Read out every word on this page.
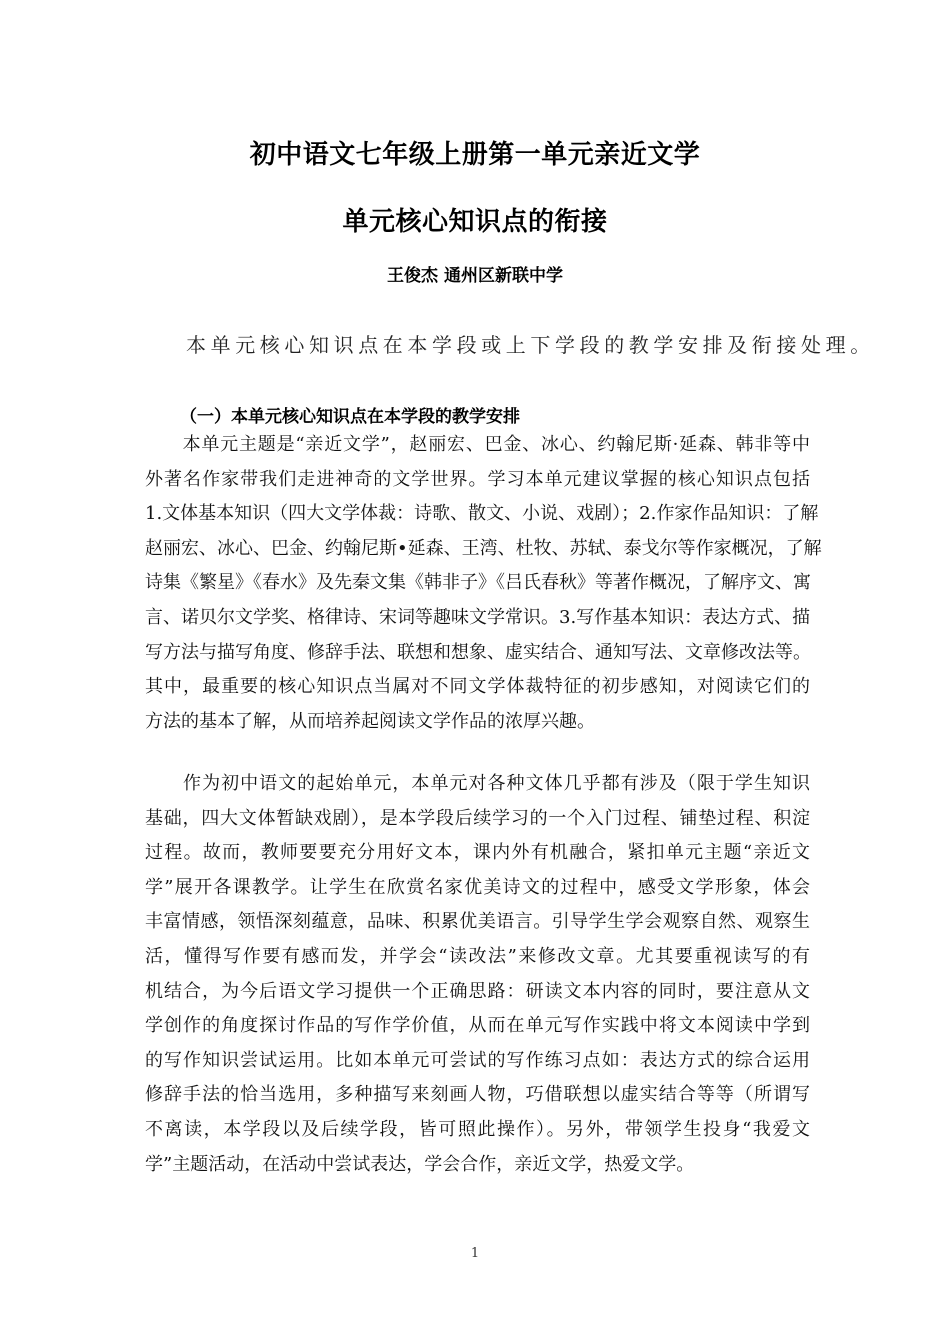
初中语文七年级上册第一单元亲近文学
单元核心知识点的衔接
王俊杰 通州区新联中学
本单元核心知识点在本学段或上下学段的教学安排及衔接处理。
（一）本单元核心知识点在本学段的教学安排
　　本单元主题是“亲近文学”，赵丽宏、巴金、冰心、约翰尼斯·延森、韩非等中
外著名作家带我们走进神奇的文学世界。学习本单元建议掌握的核心知识点包括
1.文体基本知识（四大文学体裁：诗歌、散文、小说、戏剧）；2.作家作品知识：了解
赵丽宏、冰心、巴金、约翰尼斯•延森、王湾、杜牧、苏轼、泰戈尔等作家概况，了解
诗集《繁星》《春水》及先秦文集《韩非子》《吕氏春秋》等著作概况，了解序文、寓
言、诺贝尔文学奖、格律诗、宋词等趣味文学常识。3.写作基本知识：表达方式、描
写方法与描写角度、修辞手法、联想和想象、虚实结合、通知写法、文章修改法等。
其中，最重要的核心知识点当属对不同文学体裁特征的初步感知，对阅读它们的
方法的基本了解，从而培养起阅读文学作品的浓厚兴趣。
　　作为初中语文的起始单元，本单元对各种文体几乎都有涉及（限于学生知识
基础，四大文体暂缺戏剧），是本学段后续学习的一个入门过程、铺垫过程、积淀
过程。故而，教师要要充分用好文本，课内外有机融合，紧扣单元主题“亲近文
学”展开各课教学。让学生在欣赏名家优美诗文的过程中，感受文学形象，体会
丰富情感，领悟深刻蕴意，品味、积累优美语言。引导学生学会观察自然、观察生
活，懂得写作要有感而发，并学会“读改法”来修改文章。尤其要重视读写的有
机结合，为今后语文学习提供一个正确思路：研读文本内容的同时，要注意从文
学创作的角度探讨作品的写作学价值，从而在单元写作实践中将文本阅读中学到
的写作知识尝试运用。比如本单元可尝试的写作练习点如：表达方式的综合运用
修辞手法的恰当选用，多种描写来刻画人物，巧借联想以虚实结合等等（所谓写
不离读，本学段以及后续学段，皆可照此操作）。另外，带领学生投身“我爱文
学”主题活动，在活动中尝试表达，学会合作，亲近文学，热爱文学。
1
